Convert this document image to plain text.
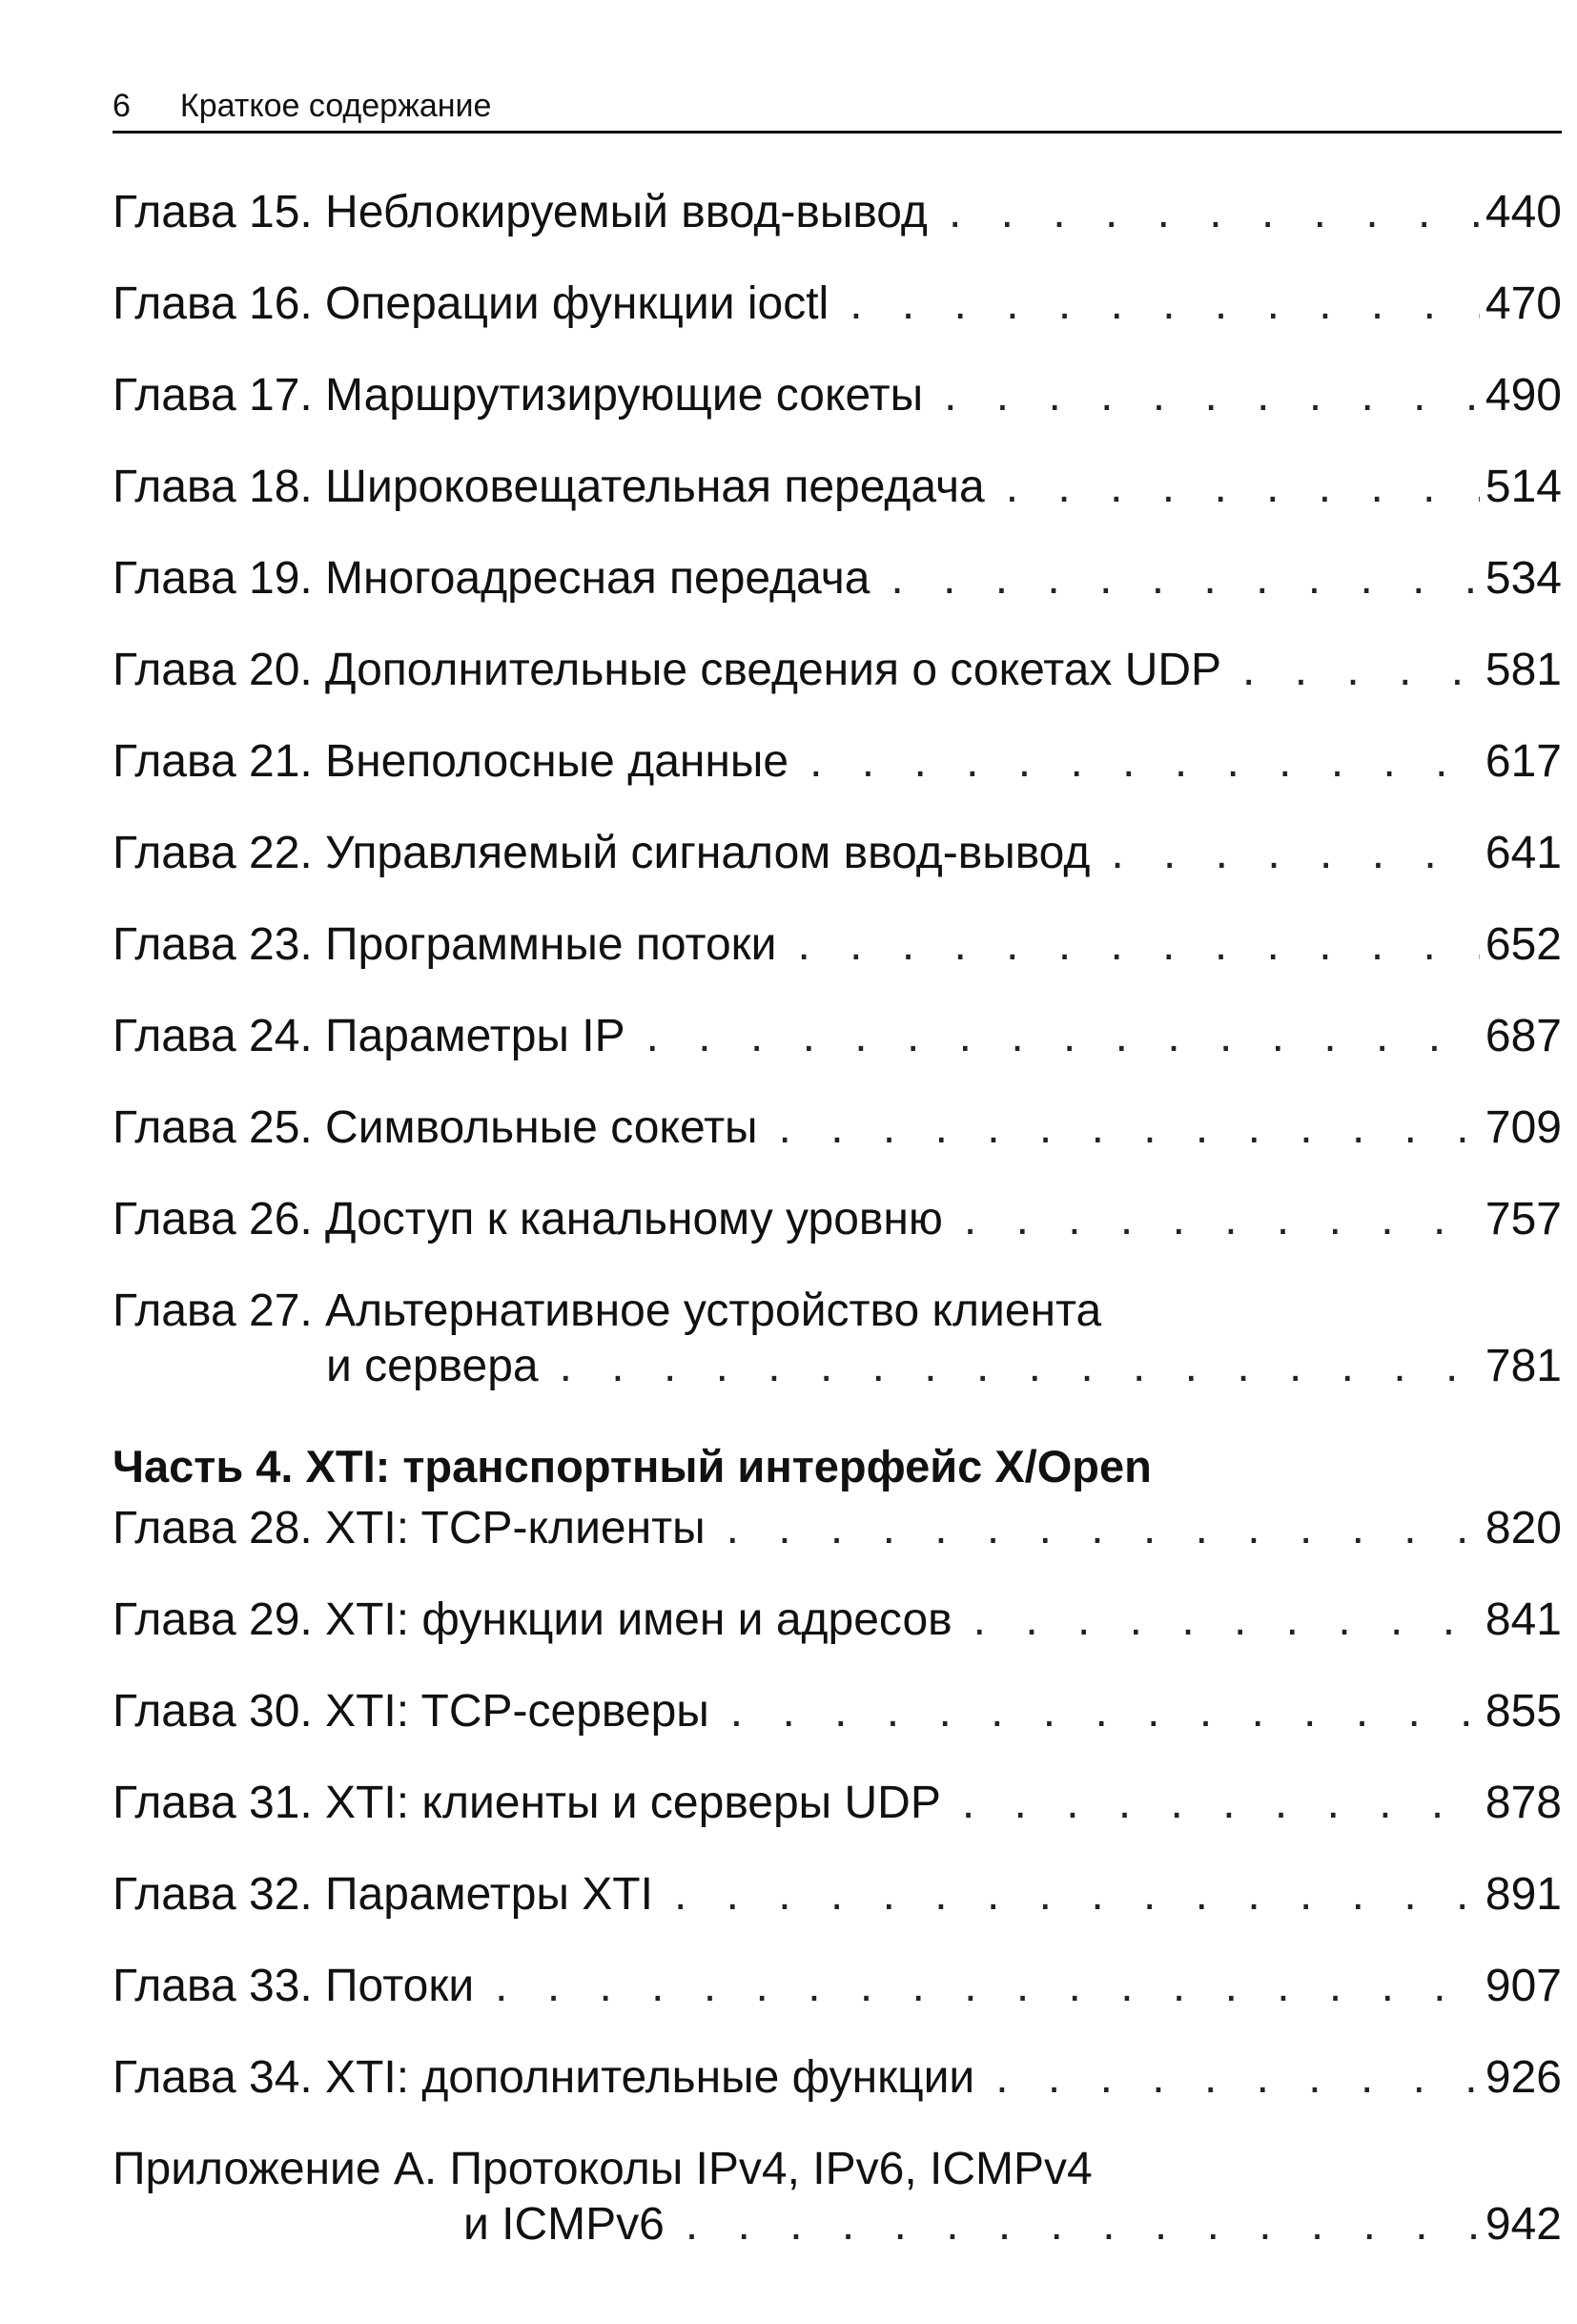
6 Краткое содержание
Глава 15. Неблокируемый ввод-вывод . . .	440
Глава 16. Операции функции ioctl . . .	470
Глава 17. Маршрутизирующие сокеты . . .	490
Глава 18. Широковещательная передача . . .	514
Глава 19. Многоадресная передача . . .	534
Глава 20. Дополнительные сведения о сокетах UDP . . .	581
Глава 21. Внеполосные данные . . .	617
Глава 22. Управляемый сигналом ввод-вывод . . .	641
Глава 23. Программные потоки . . .	652
Глава 24. Параметры IP . . .	687
Глава 25. Символьные сокеты . . .	709
Глава 26. Доступ к канальному уровню . . .	757
Глава 27. Альтернативное устройство клиента
и сервера . . .	781
Часть 4. XTI: транспортный интерфейс X/Open
Глава 28. XTI: TCP-клиенты . . .	820
Глава 29. XTI: функции имен и адресов . . .	841
Глава 30. XTI: TCP-серверы . . .	855
Глава 31. XTI: клиенты и серверы UDP . . .	878
Глава 32. Параметры XTI . . .	891
Глава 33. Потоки . . .	907
Глава 34. XTI: дополнительные функции . . .	926
Приложение А. Протоколы IPv4, IPv6, ICMPv4
и ICMPv6 . . .	942
